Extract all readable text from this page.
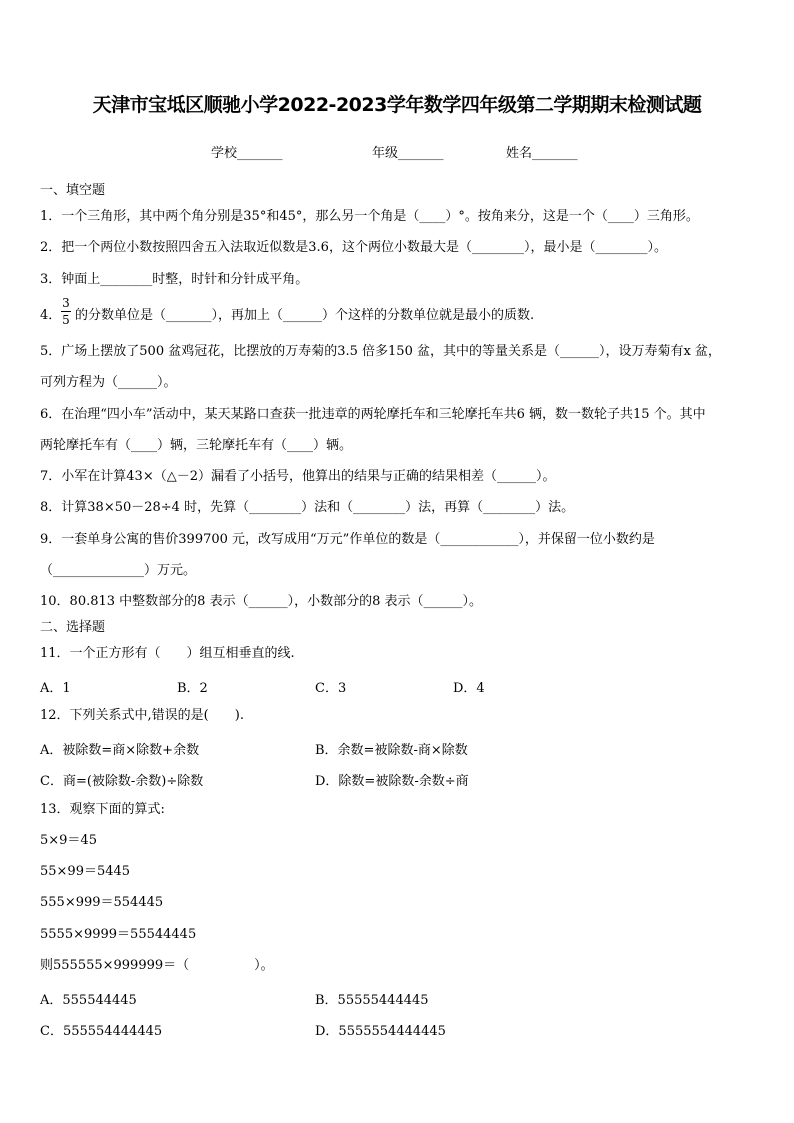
天津市宝坻区顺驰小学2022-2023学年数学四年级第二学期期末检测试题
学校_______	年级_______	姓名_______
一、填空题
1．一个三角形，其中两个角分别是35°和45°，那么另一个角是（____）°。按角来分，这是一个（____）三角形。
2．把一个两位小数按照四舍五入法取近似数是3.6，这个两位小数最大是（________），最小是（________）。
3．钟面上________时整，时针和分针成平角。
4．
3
5 的分数单位是（_______），再加上（______）个这样的分数单位就是最小的质数.
5．广场上摆放了500 盆鸡冠花，比摆放的万寿菊的3.5 倍多150 盆，其中的等量关系是（______），设万寿菊有x 盆，
可列方程为（______）。
6．在治理“四小车”活动中，某天某路口查获一批违章的两轮摩托车和三轮摩托车共6 辆，数一数轮子共15 个。其中
两轮摩托车有（____）辆，三轮摩托车有（____）辆。
7．小军在计算43×（△－2）漏看了小括号，他算出的结果与正确的结果相差（______）。
8．计算38×50－28÷4 时，先算（________）法和（________）法，再算（________）法。
9．一套单身公寓的售价399700 元，改写成用“万元”作单位的数是（____________），并保留一位小数约是
（______________）万元。
10．80.813 中整数部分的8 表示（______），小数部分的8 表示（______）。
二、选择题
11．一个正方形有（　　）组互相垂直的线.
A．1	B．2	C．3	D．4
12．下列关系式中,错误的是(　　).
A．被除数=商×除数+余数	B．余数=被除数-商×除数
C．商=(被除数-余数)÷除数	D．除数=被除数-余数÷商
13．观察下面的算式:
5×9＝45
55×99＝5445
555×999＝554445
5555×9999＝55544445
则555555×999999＝（　　　　　）。
A．555544445	B．55555444445
C．555554444445	D．5555554444445
